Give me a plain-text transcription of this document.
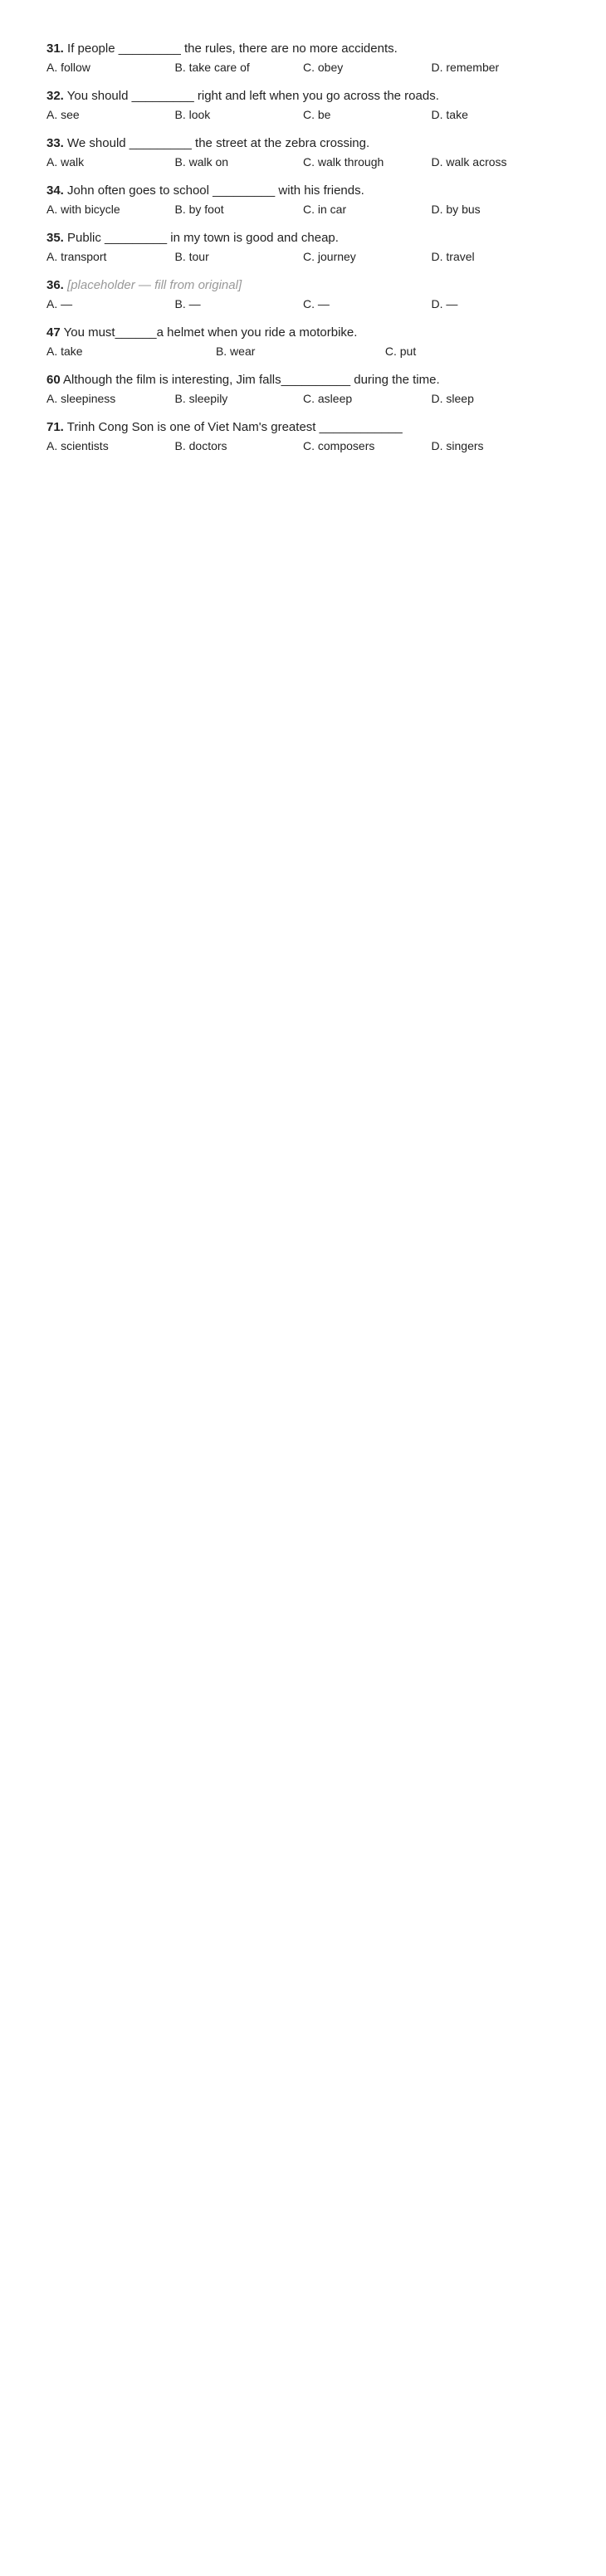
31. If people _________ the rules, there are no more accidents.
A. follow	B. take care of	C. obey	D. remember
32. You should _________ right and left when you go across the roads.
A. see	B. look	C. be	D. take
33. We should _________ the street at the zebra crossing.
A. walk	B. walk on	C. walk through	D. walk across
34. John often goes to school _________ with his friends.
A. with bicycle	B. by foot	C. in car	D. by bus
35. Public _________ in my town is good and cheap.
A. transport	B. tour	C. journey	D. travel
36. [placeholder — fill from original]
A. —	B. —	C. —	D. —
47 You must______a helmet when you ride a motorbike.
A. take	B. wear	C. put
60 Although the film is interesting, Jim falls__________ during the time.
A. sleepiness	B. sleepily	C. asleep	D. sleep
71. Trinh Cong Son is one of Viet Nam's greatest ____________
A. scientists	B. doctors	C. composers	D. singers
